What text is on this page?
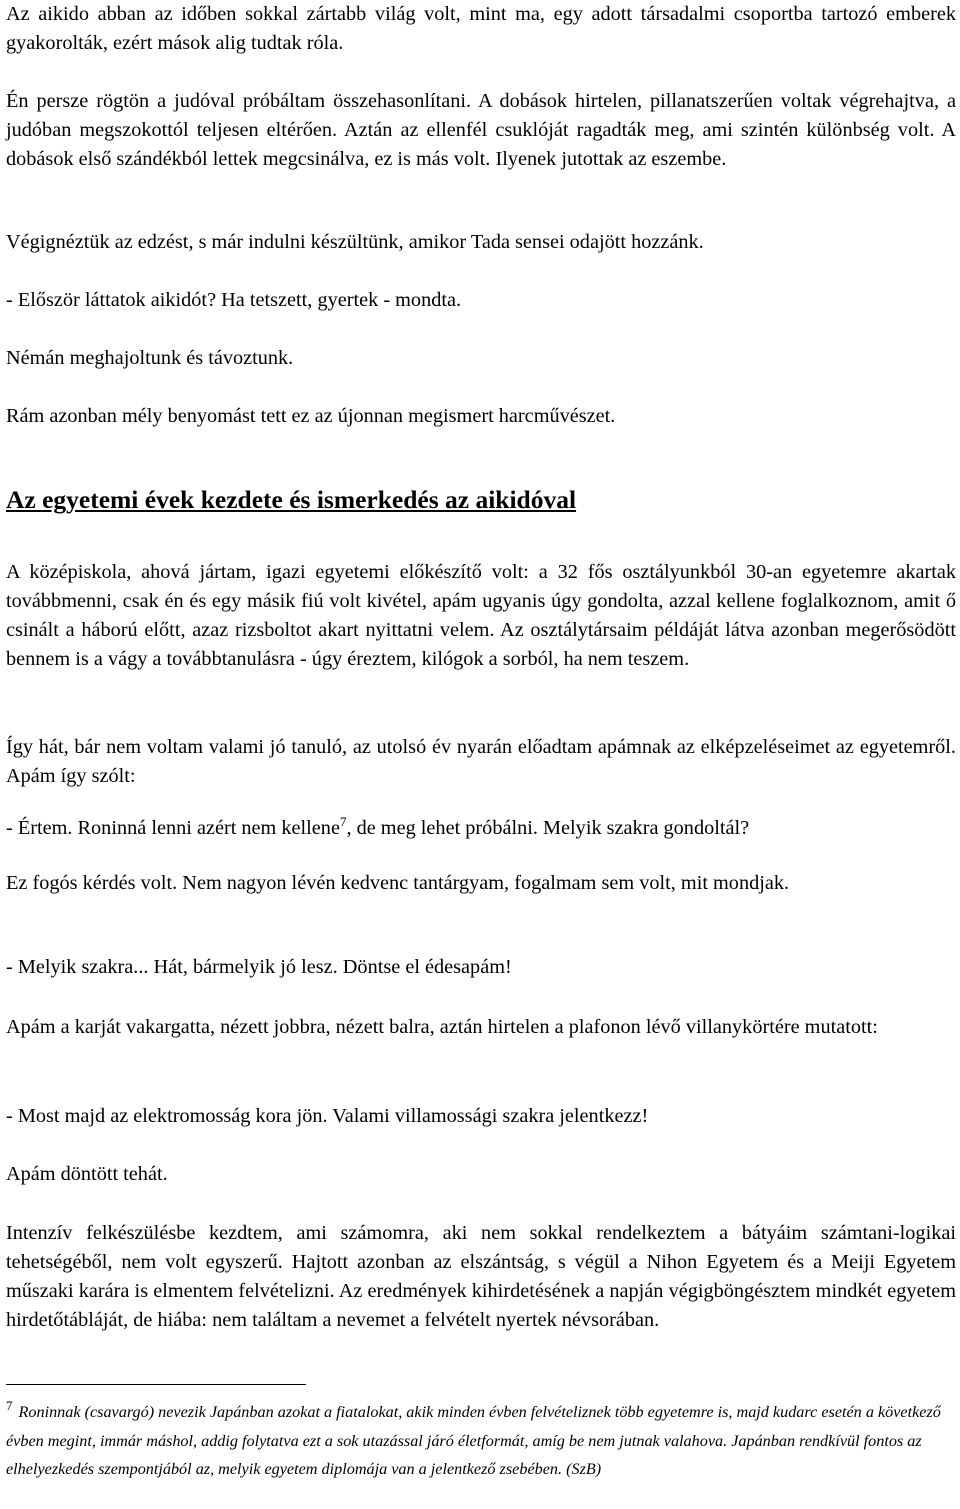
Az aikido abban az időben sokkal zártabb világ volt, mint ma, egy adott társadalmi csoportba tartozó emberek gyakorolták, ezért mások alig tudtak róla.

Én persze rögtön a judóval próbáltam összehasonlítani. A dobások hirtelen, pillanatszerűen voltak végrehajtva, a judóban megszokottól teljesen eltérően. Aztán az ellenfél csuklóját ragadták meg, ami szintén különbség volt. A dobások első szándékból lettek megcsinálva, ez is más volt. Ilyenek jutottak az eszembe.

Végignéztük az edzést, s már indulni készültünk, amikor Tada sensei odajött hozzánk.

- Először láttatok aikidót? Ha tetszett, gyertek - mondta.

Némán meghajoltunk és távoztunk.

Rám azonban mély benyomást tett ez az újonnan megismert harcművészet.

Az egyetemi évek kezdete és ismerkedés az aikidóval

A középiskola, ahová jártam, igazi egyetemi előkészítő volt: a 32 fős osztályunkból 30-an egyetemre akartak továbbmenni, csak én és egy másik fiú volt kivétel, apám ugyanis úgy gondolta, azzal kellene foglalkoznom, amit ő csinált a háború előtt, azaz rizsboltot akart nyittatni velem. Az osztálytársaim példáját látva azonban megerősödött bennem is a vágy a továbbtanulásra - úgy éreztem, kilógok a sorból, ha nem teszem.

Így hát, bár nem voltam valami jó tanuló, az utolsó év nyarán előadtam apámnak az elképzeléseimet az egyetemről. Apám így szólt:

- Értem. Roninná lenni azért nem kellene$^7$, de meg lehet próbálni. Melyik szakra gondoltál?

Ez fogós kérdés volt. Nem nagyon lévén kedvenc tantárgyam, fogalmam sem volt, mit mondjak.

- Melyik szakra... Hát, bármelyik jó lesz. Döntse el édesapám!

Apám a karját vakargatta, nézett jobbra, nézett balra, aztán hirtelen a plafonon lévő villanykörtére mutatott:

- Most majd az elektromosság kora jön. Valami villamossági szakra jelentkezz!

Apám döntött tehát.

Intenzív felkészülésbe kezdtem, ami számomra, aki nem sokkal rendelkeztem a bátyáim számtani-logikai tehetségéből, nem volt egyszerű. Hajtott azonban az elszántság, s végül a Nihon Egyetem és a Meiji Egyetem műszaki karára is elmentem felvételizni. Az eredmények kihirdetésének a napján végigböngésztem mindkét egyetem hirdetőtábláját, de hiába: nem találtam a nevemet a felvételt nyertek névsorában.

$^7$ Roninnak (csavargó) nevezik Japánban azokat a fiatalokat, akik minden évben felvételiznek több egyetemre is, majd kudarc esetén a következő évben megint, immár máshol, addig folytatva ezt a sok utazással járó életformát, amíg be nem jutnak valahova. Japánban rendkívül fontos az elhelyezkedés szempontjából az, melyik egyetem diplomája van a jelentkező zsebében. (SzB)
